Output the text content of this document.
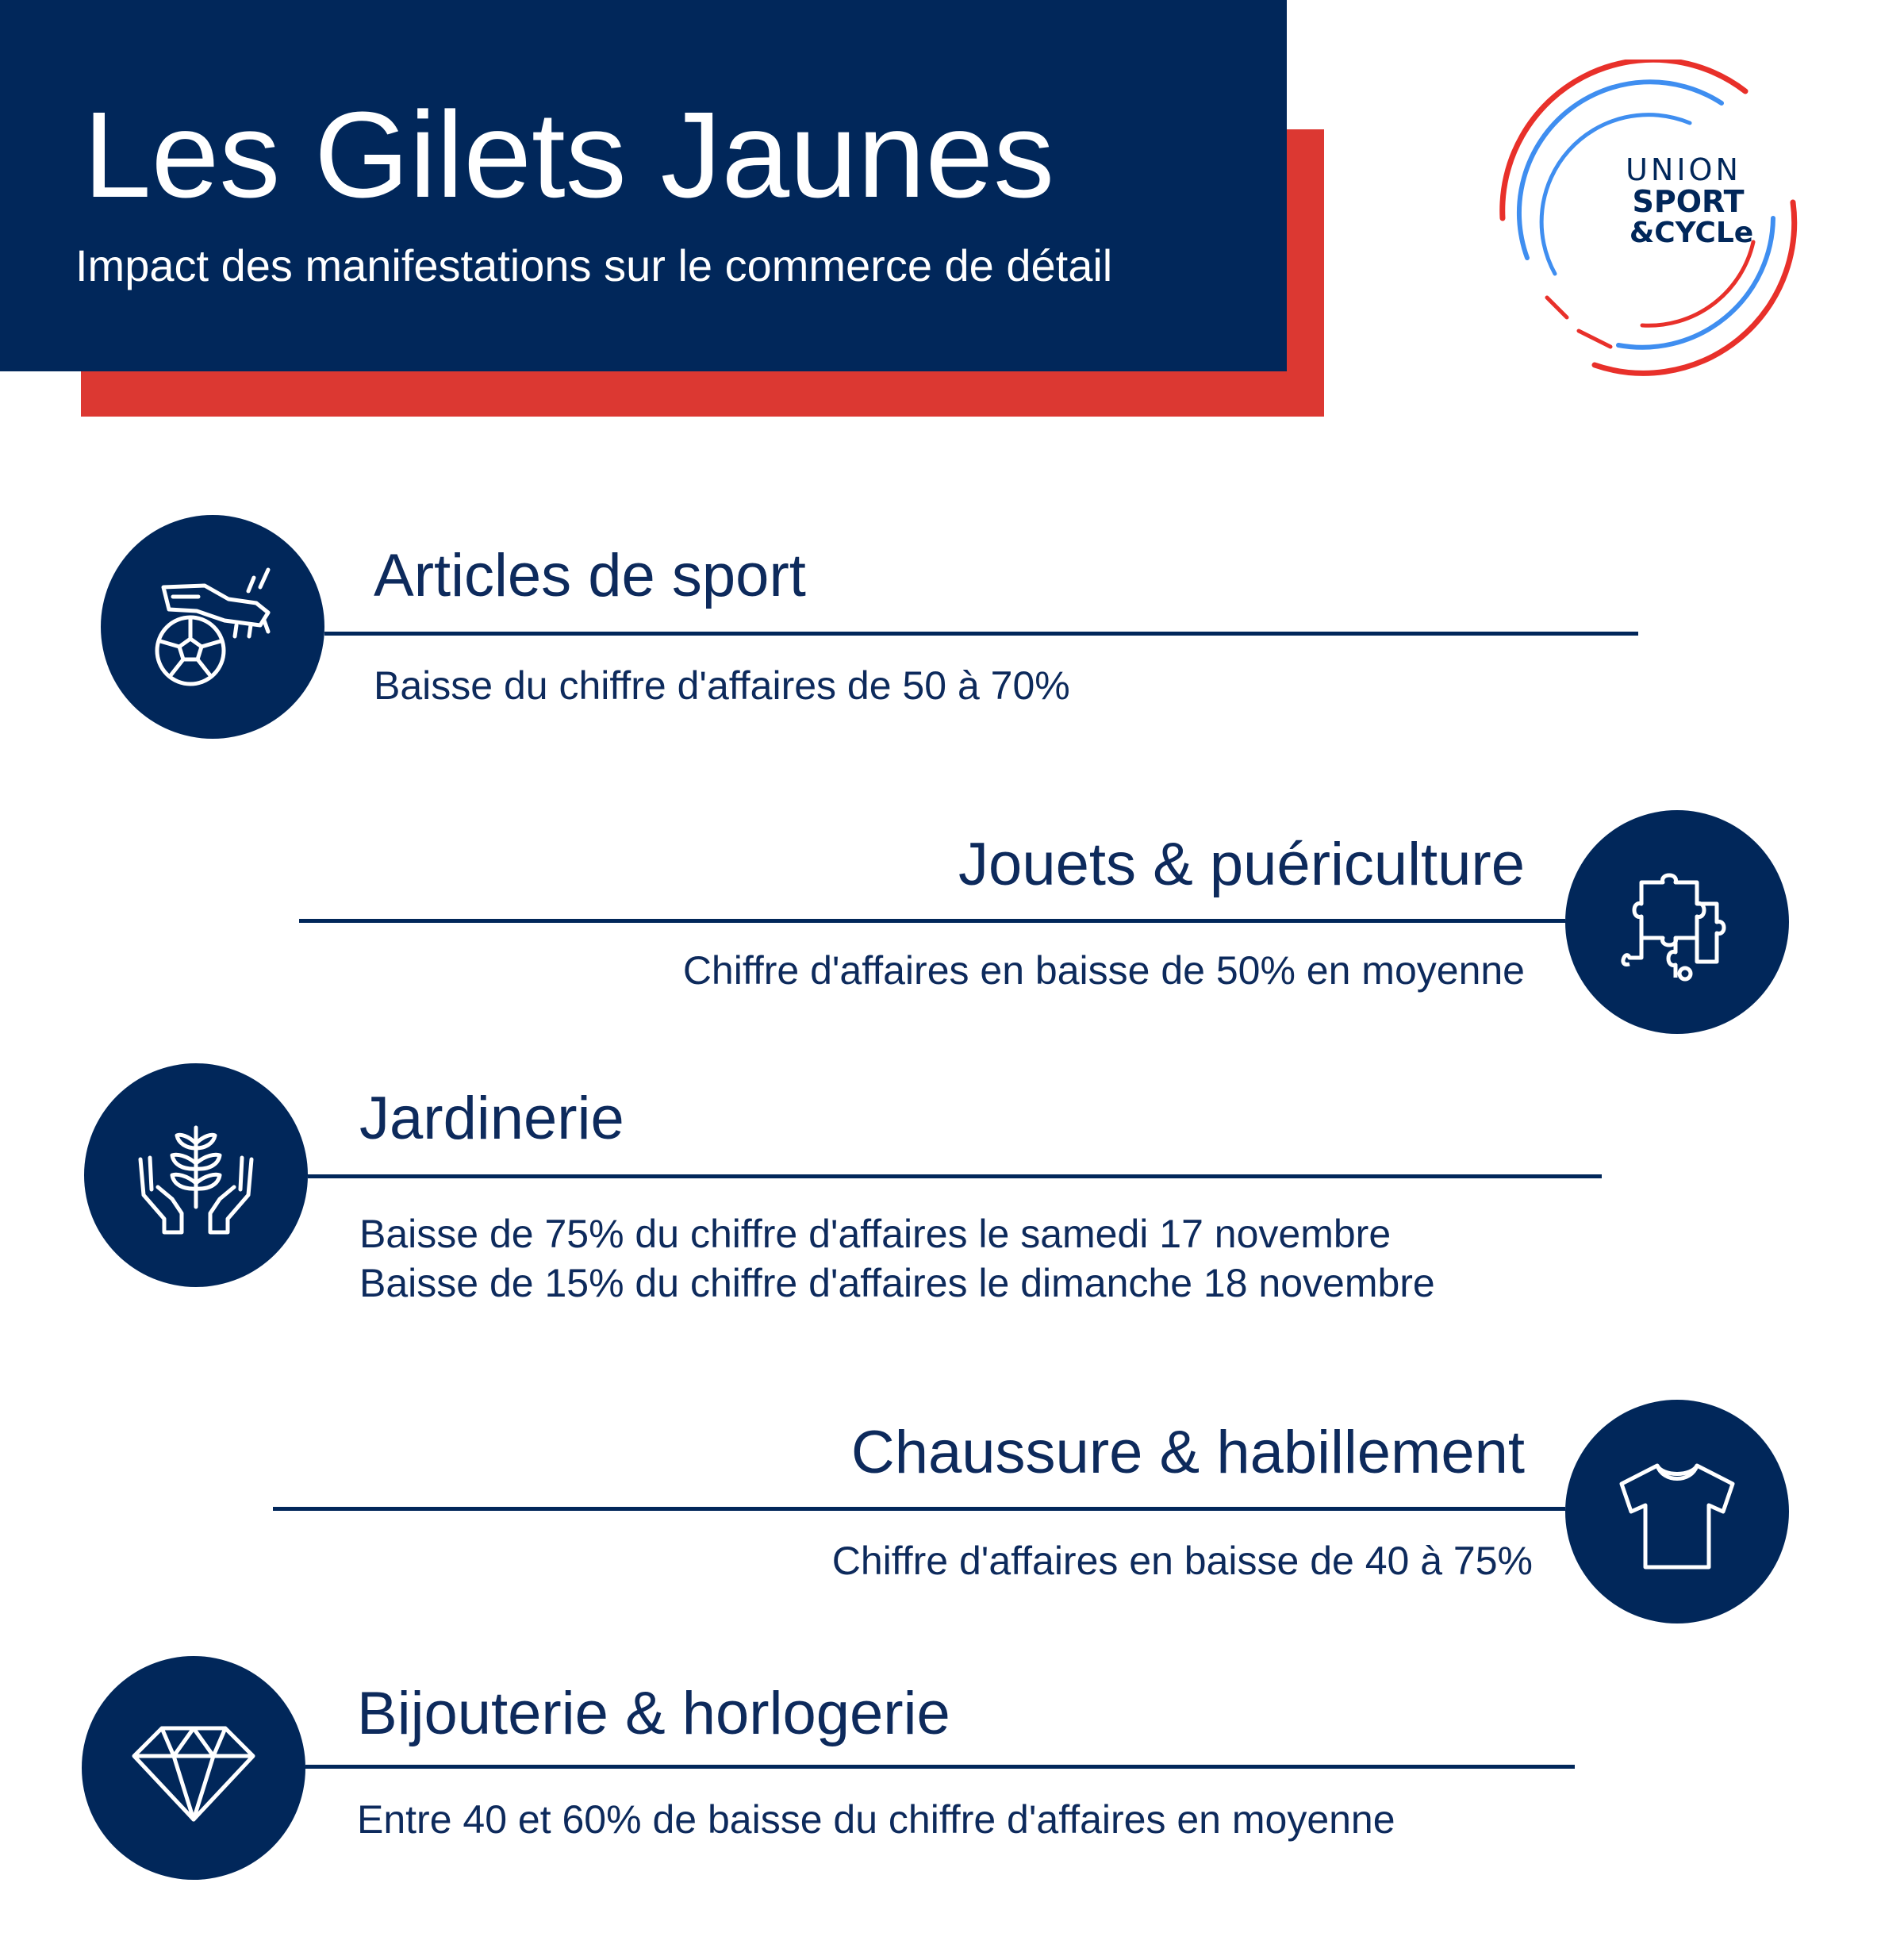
Les Gilets Jaunes

Impact des manifestations sur le commerce de détail

UNION
SPORT
&CYCLe
Articles de sport

Baisse du chiffre d'affaires de 50 à 70%

Jouets & puériculture

Chiffre d'affaires en baisse de 50% en moyenne

Jardinerie

Baisse de 75% du chiffre d'affaires le samedi 17 novembre

Baisse de 15% du chiffre d'affaires le dimanche 18 novembre

Chaussure & habillement

Chiffre d'affaires en baisse de 40 à 75%

Bijouterie & horlogerie

Entre 40 et 60% de baisse du chiffre d'affaires en moyenne
